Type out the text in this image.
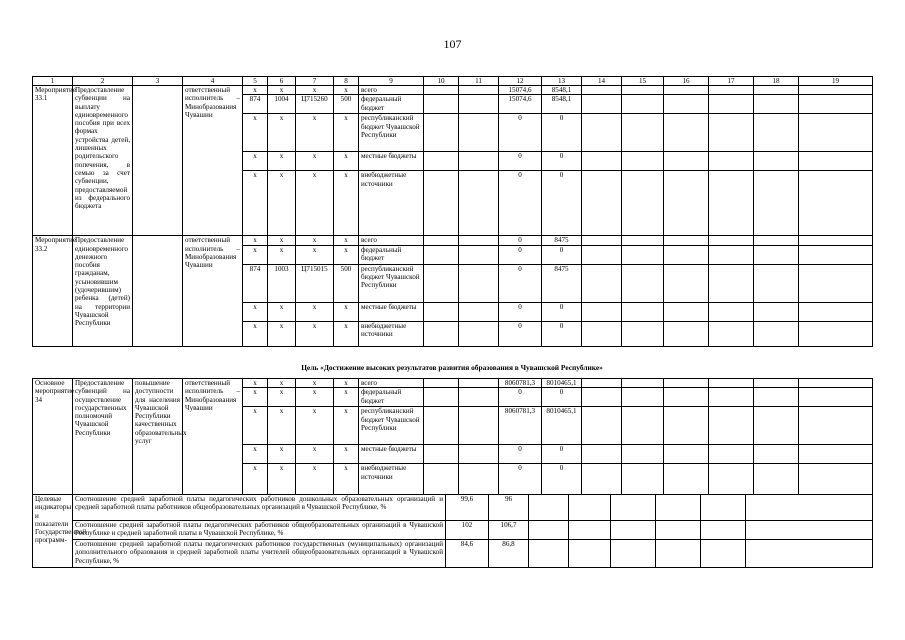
107
1	2	3	4	5	6	7	8	9	10	11	12	13	14	15	16	17	18	19
Мероприятие 33.1	Предоставление субвенции на выплату единовременного пособия при всех формах устройства детей, лишенных родительского попечения, в семью за счет субвенции, предоставляемой из федерального бюджета		ответственный исполнитель – Минобразования Чувашии	x	x	x	x	всего			15074,6	8548,1						
				874	1004	Ц715260	500	федеральный бюджет			15074,6	8548,1						
				x	x	x	x	республиканский бюджет Чувашской Республики			0	0						
				x	x	x	x	местные бюджеты			0	0						
				x	x	x	x	внебюджетные источники			0	0						
Мероприятие 33.2	Предоставление единовременного денежного пособия гражданам, усыновившим (удочерившим) ребенка (детей) на территории Чувашской Республики		ответственный исполнитель – Минобразования Чувашии	x	x	x	x	всего			0	8475						
				x	x	x	x	федеральный бюджет			0	0						
				874	1003	Ц715015	500	республиканский бюджет Чувашской Республики			0	8475						
				x	x	x	x	местные бюджеты			0	0						
				x	x	x	x	внебюджетные источники			0	0						
Цель «Достижение высоких результатов развития образования в Чувашской Республике»
Основное мероприятие 34	Предоставление субвенций на осуществление государственных полномочий Чувашской Республики	повышение доступности для населения Чувашской Республики качественных образовательных услуг	ответственный исполнитель – Минобразования Чувашии	x	x	x	x	всего			8060781,3	8010465,1						
				x	x	x	x	федеральный бюджет			0	0						
				x	x	x	x	республиканский бюджет Чувашской Республики			8060781,3	8010465,1						
				x	x	x	x	местные бюджеты			0	0						
				x	x	x	x	внебюджетные источники			0	0						
Целевые индикаторы и показатели Государственной программ-	Соотношение средней заработной платы педагогических работников дошкольных образовательных организаций и средней заработной платы работников общеобразовательных организаций в Чувашской Республике, %	99,6	96						
	Соотношение средней заработной платы педагогических работников общеобразовательных организаций в Чувашской Республике и средней заработной платы в Чувашской Республике, %	102	106,7						
	Соотношение средней заработной платы педагогических работников государственных (муниципальных) организаций дополнительного образования и средней заработной платы учителей общеобразовательных организаций в Чувашской Республике, %	84,6	86,8						
